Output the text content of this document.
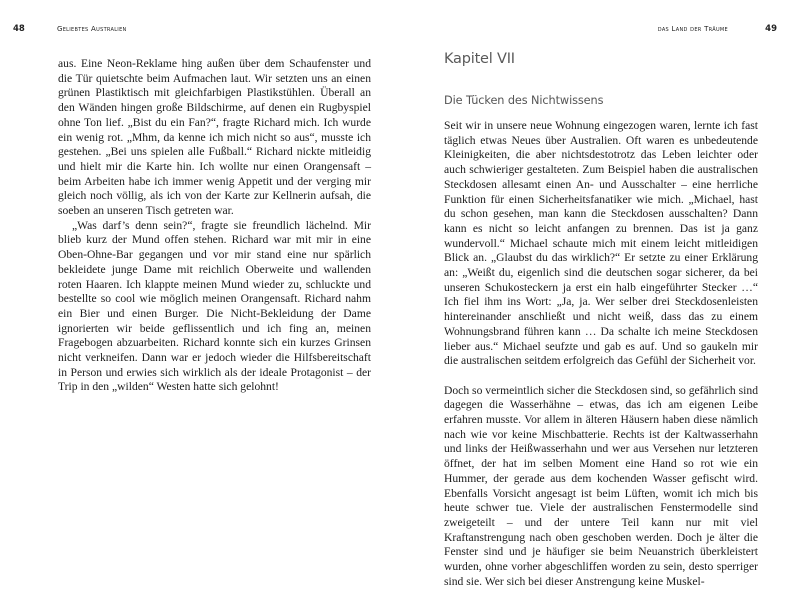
48	Geliebtes Australien

aus. Eine Neon-Reklame hing außen über dem Schaufenster und die Tür quietschte beim Aufmachen laut. Wir setzten uns an einen grünen Plastiktisch mit gleichfarbigen Plastikstühlen. Überall an den Wänden hingen große Bildschirme, auf denen ein Rugbyspiel ohne Ton lief. „Bist du ein Fan?“, fragte Richard mich. Ich wurde ein wenig rot. „Mhm, da kenne ich mich nicht so aus“, musste ich gestehen. „Bei uns spielen alle Fußball.“ Richard nickte mitleidig und hielt mir die Karte hin. Ich wollte nur einen Orangensaft – beim Arbeiten habe ich immer wenig Appetit und der verging mir gleich noch völlig, als ich von der Karte zur Kellnerin aufsah, die soeben an unseren Tisch getreten war.

„Was darf’s denn sein?“, fragte sie freundlich lächelnd. Mir blieb kurz der Mund offen stehen. Richard war mit mir in eine Oben-Ohne-Bar gegangen und vor mir stand eine nur spärlich bekleidete junge Dame mit reichlich Oberweite und wallenden roten Haaren. Ich klappte meinen Mund wieder zu, schluckte und bestellte so cool wie möglich meinen Orangensaft. Richard nahm ein Bier und einen Burger. Die Nicht-Bekleidung der Dame ignorierten wir beide geflissentlich und ich fing an, meinen Fragebogen abzuarbeiten. Richard konnte sich ein kurzes Grinsen nicht verkneifen. Dann war er jedoch wieder die Hilfsbereitschaft in Person und erwies sich wirklich als der ideale Protagonist – der Trip in den „wilden“ Westen hatte sich gelohnt!

das Land der Träume	49
Kapitel VII
Die Tücken des Nichtwissens

Seit wir in unsere neue Wohnung eingezogen waren, lernte ich fast täglich etwas Neues über Australien. Oft waren es unbedeutende Kleinigkeiten, die aber nichtsdestotrotz das Leben leichter oder auch schwieriger gestalteten. Zum Beispiel haben die australischen Steckdosen allesamt einen An- und Ausschalter – eine herrliche Funktion für einen Sicherheitsfanatiker wie mich. „Michael, hast du schon gesehen, man kann die Steckdosen ausschalten? Dann kann es nicht so leicht anfangen zu brennen. Das ist ja ganz wundervoll.“ Michael schaute mich mit einem leicht mitleidigen Blick an. „Glaubst du das wirklich?“ Er setzte zu einer Erklärung an: „Weißt du, eigenlich sind die deutschen sogar sicherer, da bei unseren Schukosteckern ja erst ein halb eingeführter Stecker …“ Ich fiel ihm ins Wort: „Ja, ja. Wer selber drei Steckdosenleisten hintereinander anschließt und nicht weiß, dass das zu einem Wohnungsbrand führen kann … Da schalte ich meine Steckdosen lieber aus.“ Michael seufzte und gab es auf. Und so gaukeln mir die australischen seitdem erfolgreich das Gefühl der Sicherheit vor.

Doch so vermeintlich sicher die Steckdosen sind, so gefährlich sind dagegen die Wasserhähne – etwas, das ich am eigenen Leibe erfahren musste. Vor allem in älteren Häusern haben diese nämlich nach wie vor keine Mischbatterie. Rechts ist der Kaltwasserhahn und links der Heißwasserhahn und wer aus Versehen nur letzteren öffnet, der hat im selben Moment eine Hand so rot wie ein Hummer, der gerade aus dem kochenden Wasser gefischt wird. Ebenfalls Vorsicht angesagt ist beim Lüften, womit ich mich bis heute schwer tue. Viele der australischen Fenstermodelle sind zweigeteilt – und der untere Teil kann nur mit viel Kraftanstrengung nach oben geschoben werden. Doch je älter die Fenster sind und je häufiger sie beim Neuanstrich überkleistert wurden, ohne vorher abgeschliffen worden zu sein, desto sperriger sind sie. Wer sich bei dieser Anstrengung keine Muskel-
